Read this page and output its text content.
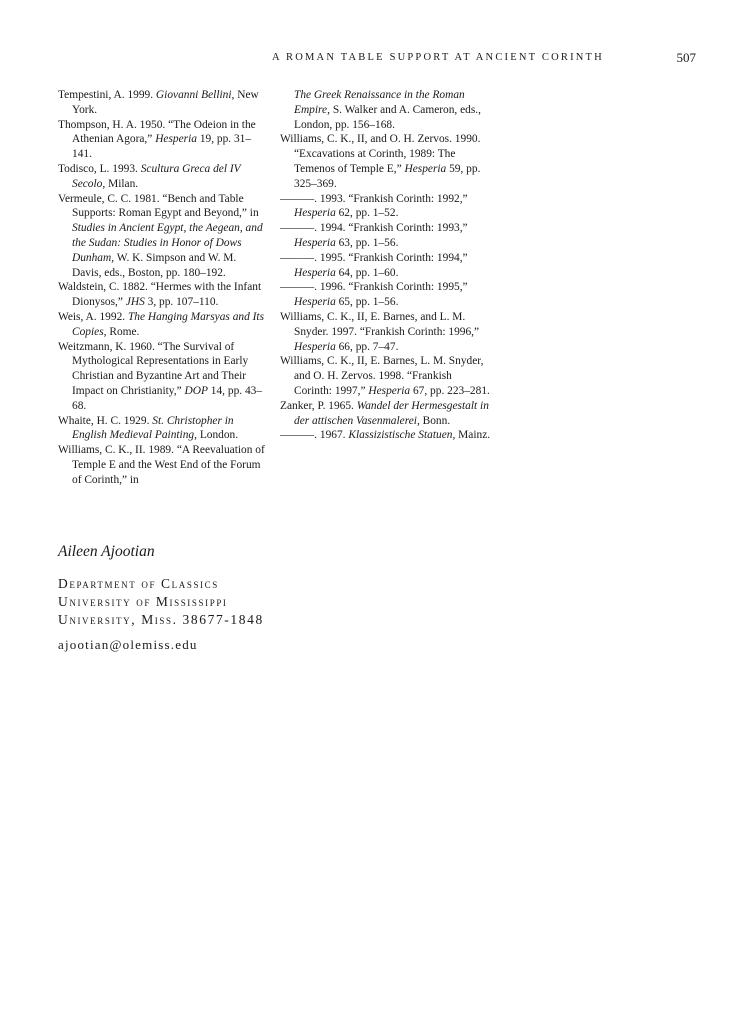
A ROMAN TABLE SUPPORT AT ANCIENT CORINTH	507
Tempestini, A. 1999. Giovanni Bellini, New York.
Thompson, H. A. 1950. “The Odeion in the Athenian Agora,” Hesperia 19, pp. 31–141.
Todisco, L. 1993. Scultura Greca del IV Secolo, Milan.
Vermeule, C. C. 1981. “Bench and Table Supports: Roman Egypt and Beyond,” in Studies in Ancient Egypt, the Aegean, and the Sudan: Studies in Honor of Dows Dunham, W. K. Simpson and W. M. Davis, eds., Boston, pp. 180–192.
Waldstein, C. 1882. “Hermes with the Infant Dionysos,” JHS 3, pp. 107–110.
Weis, A. 1992. The Hanging Marsyas and Its Copies, Rome.
Weitzmann, K. 1960. “The Survival of Mythological Representations in Early Christian and Byzantine Art and Their Impact on Christianity,” DOP 14, pp. 43–68.
Whaite, H. C. 1929. St. Christopher in English Medieval Painting, London.
Williams, C. K., II. 1989. “A Reevaluation of Temple E and the West End of the Forum of Corinth,” in
The Greek Renaissance in the Roman Empire, S. Walker and A. Cameron, eds., London, pp. 156–168.
Williams, C. K., II, and O. H. Zervos. 1990. “Excavations at Corinth, 1989: The Temenos of Temple E,” Hesperia 59, pp. 325–369.
———. 1993. “Frankish Corinth: 1992,” Hesperia 62, pp. 1–52.
———. 1994. “Frankish Corinth: 1993,” Hesperia 63, pp. 1–56.
———. 1995. “Frankish Corinth: 1994,” Hesperia 64, pp. 1–60.
———. 1996. “Frankish Corinth: 1995,” Hesperia 65, pp. 1–56.
Williams, C. K., II, E. Barnes, and L. M. Snyder. 1997. “Frankish Corinth: 1996,” Hesperia 66, pp. 7–47.
Williams, C. K., II, E. Barnes, L. M. Snyder, and O. H. Zervos. 1998. “Frankish Corinth: 1997,” Hesperia 67, pp. 223–281.
Zanker, P. 1965. Wandel der Hermesgestalt in der attischen Vasenmalerei, Bonn.
———. 1967. Klassizistische Statuen, Mainz.
Aileen Ajootian
Department of Classics
University of Mississippi
University, Miss. 38677-1848
ajootian@olemiss.edu
